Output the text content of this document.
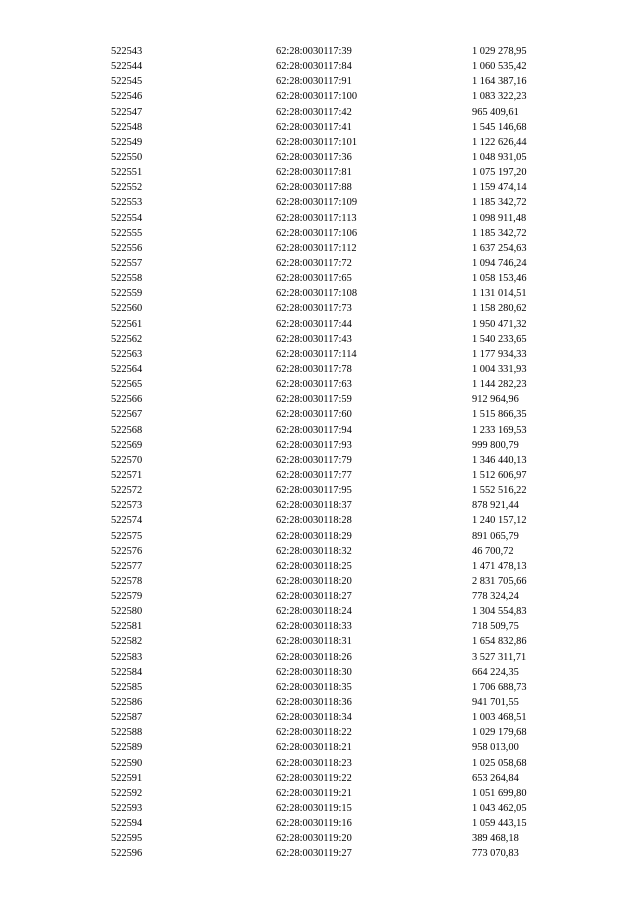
522543	62:28:0030117:39	1 029 278,95
522544	62:28:0030117:84	1 060 535,42
522545	62:28:0030117:91	1 164 387,16
522546	62:28:0030117:100	1 083 322,23
522547	62:28:0030117:42	965 409,61
522548	62:28:0030117:41	1 545 146,68
522549	62:28:0030117:101	1 122 626,44
522550	62:28:0030117:36	1 048 931,05
522551	62:28:0030117:81	1 075 197,20
522552	62:28:0030117:88	1 159 474,14
522553	62:28:0030117:109	1 185 342,72
522554	62:28:0030117:113	1 098 911,48
522555	62:28:0030117:106	1 185 342,72
522556	62:28:0030117:112	1 637 254,63
522557	62:28:0030117:72	1 094 746,24
522558	62:28:0030117:65	1 058 153,46
522559	62:28:0030117:108	1 131 014,51
522560	62:28:0030117:73	1 158 280,62
522561	62:28:0030117:44	1 950 471,32
522562	62:28:0030117:43	1 540 233,65
522563	62:28:0030117:114	1 177 934,33
522564	62:28:0030117:78	1 004 331,93
522565	62:28:0030117:63	1 144 282,23
522566	62:28:0030117:59	912 964,96
522567	62:28:0030117:60	1 515 866,35
522568	62:28:0030117:94	1 233 169,53
522569	62:28:0030117:93	999 800,79
522570	62:28:0030117:79	1 346 440,13
522571	62:28:0030117:77	1 512 606,97
522572	62:28:0030117:95	1 552 516,22
522573	62:28:0030118:37	878 921,44
522574	62:28:0030118:28	1 240 157,12
522575	62:28:0030118:29	891 065,79
522576	62:28:0030118:32	46 700,72
522577	62:28:0030118:25	1 471 478,13
522578	62:28:0030118:20	2 831 705,66
522579	62:28:0030118:27	778 324,24
522580	62:28:0030118:24	1 304 554,83
522581	62:28:0030118:33	718 509,75
522582	62:28:0030118:31	1 654 832,86
522583	62:28:0030118:26	3 527 311,71
522584	62:28:0030118:30	664 224,35
522585	62:28:0030118:35	1 706 688,73
522586	62:28:0030118:36	941 701,55
522587	62:28:0030118:34	1 003 468,51
522588	62:28:0030118:22	1 029 179,68
522589	62:28:0030118:21	958 013,00
522590	62:28:0030118:23	1 025 058,68
522591	62:28:0030119:22	653 264,84
522592	62:28:0030119:21	1 051 699,80
522593	62:28:0030119:15	1 043 462,05
522594	62:28:0030119:16	1 059 443,15
522595	62:28:0030119:20	389 468,18
522596	62:28:0030119:27	773 070,83
